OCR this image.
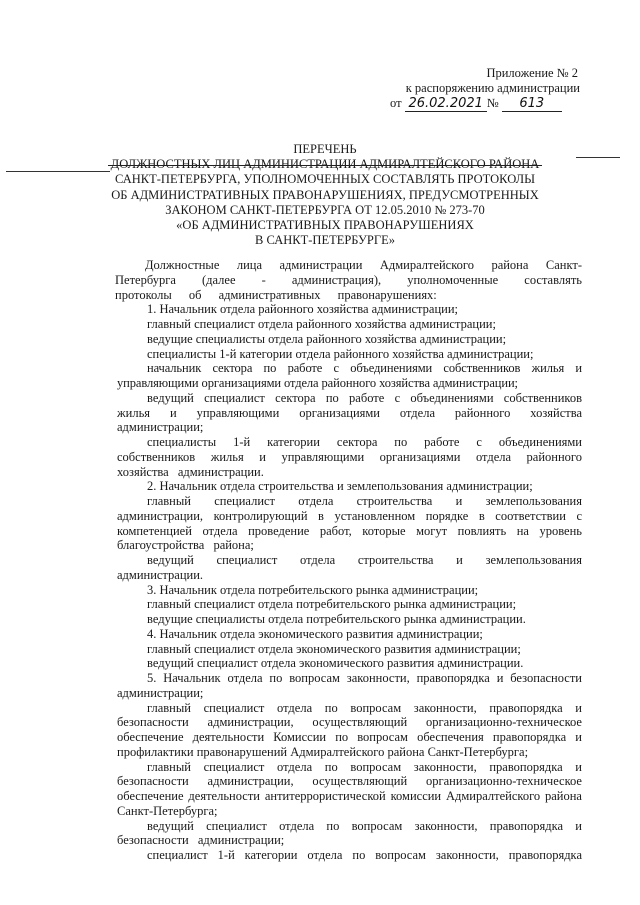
Приложение № 2
к распоряжению администрации
от 26.02.2021 № 613
ПЕРЕЧЕНЬ
ДОЛЖНОСТНЫХ ЛИЦ АДМИНИСТРАЦИИ АДМИРАЛТЕЙСКОГО РАЙОНА
САНКТ-ПЕТЕРБУРГА, УПОЛНОМОЧЕННЫХ СОСТАВЛЯТЬ ПРОТОКОЛЫ
ОБ АДМИНИСТРАТИВНЫХ ПРАВОНАРУШЕНИЯХ, ПРЕДУСМОТРЕННЫХ
ЗАКОНОМ САНКТ-ПЕТЕРБУРГА ОТ 12.05.2010 № 273-70
«ОБ АДМИНИСТРАТИВНЫХ ПРАВОНАРУШЕНИЯХ
В САНКТ-ПЕТЕРБУРГЕ»

Должностные лица администрации Адмиралтейского района Санкт-Петербурга (далее - администрация), уполномоченные составлять протоколы об административных правонарушениях:

1. Начальник отдела районного хозяйства администрации;

главный специалист отдела районного хозяйства администрации;

ведущие специалисты отдела районного хозяйства администрации;

специалисты 1-й категории отдела районного хозяйства администрации;

начальник сектора по работе с объединениями собственников жилья и управляющими организациями отдела районного хозяйства администрации;

ведущий специалист сектора по работе с объединениями собственников жилья и управляющими организациями отдела районного хозяйства администрации;

специалисты 1-й категории сектора по работе с объединениями собственников жилья и управляющими организациями отдела районного хозяйства администрации.

2. Начальник отдела строительства и землепользования администрации;

главный специалист отдела строительства и землепользования администрации, контролирующий в установленном порядке в соответствии с компетенцией отдела проведение работ, которые могут повлиять на уровень благоустройства района;

ведущий специалист отдела строительства и землепользования администрации.

3. Начальник отдела потребительского рынка администрации;

главный специалист отдела потребительского рынка администрации;

ведущие специалисты отдела потребительского рынка администрации.

4. Начальник отдела экономического развития администрации;

главный специалист отдела экономического развития администрации;

ведущий специалист отдела экономического развития администрации.

5. Начальник отдела по вопросам законности, правопорядка и безопасности администрации;

главный специалист отдела по вопросам законности, правопорядка и безопасности администрации, осуществляющий организационно-техническое обеспечение деятельности Комиссии по вопросам обеспечения правопорядка и профилактики правонарушений Адмиралтейского района Санкт-Петербурга;

главный специалист отдела по вопросам законности, правопорядка и безопасности администрации, осуществляющий организационно-техническое обеспечение деятельности антитеррористической комиссии Адмиралтейского района Санкт-Петербурга;

ведущий специалист отдела по вопросам законности, правопорядка и безопасности администрации;

специалист 1-й категории отдела по вопросам законности, правопорядка
